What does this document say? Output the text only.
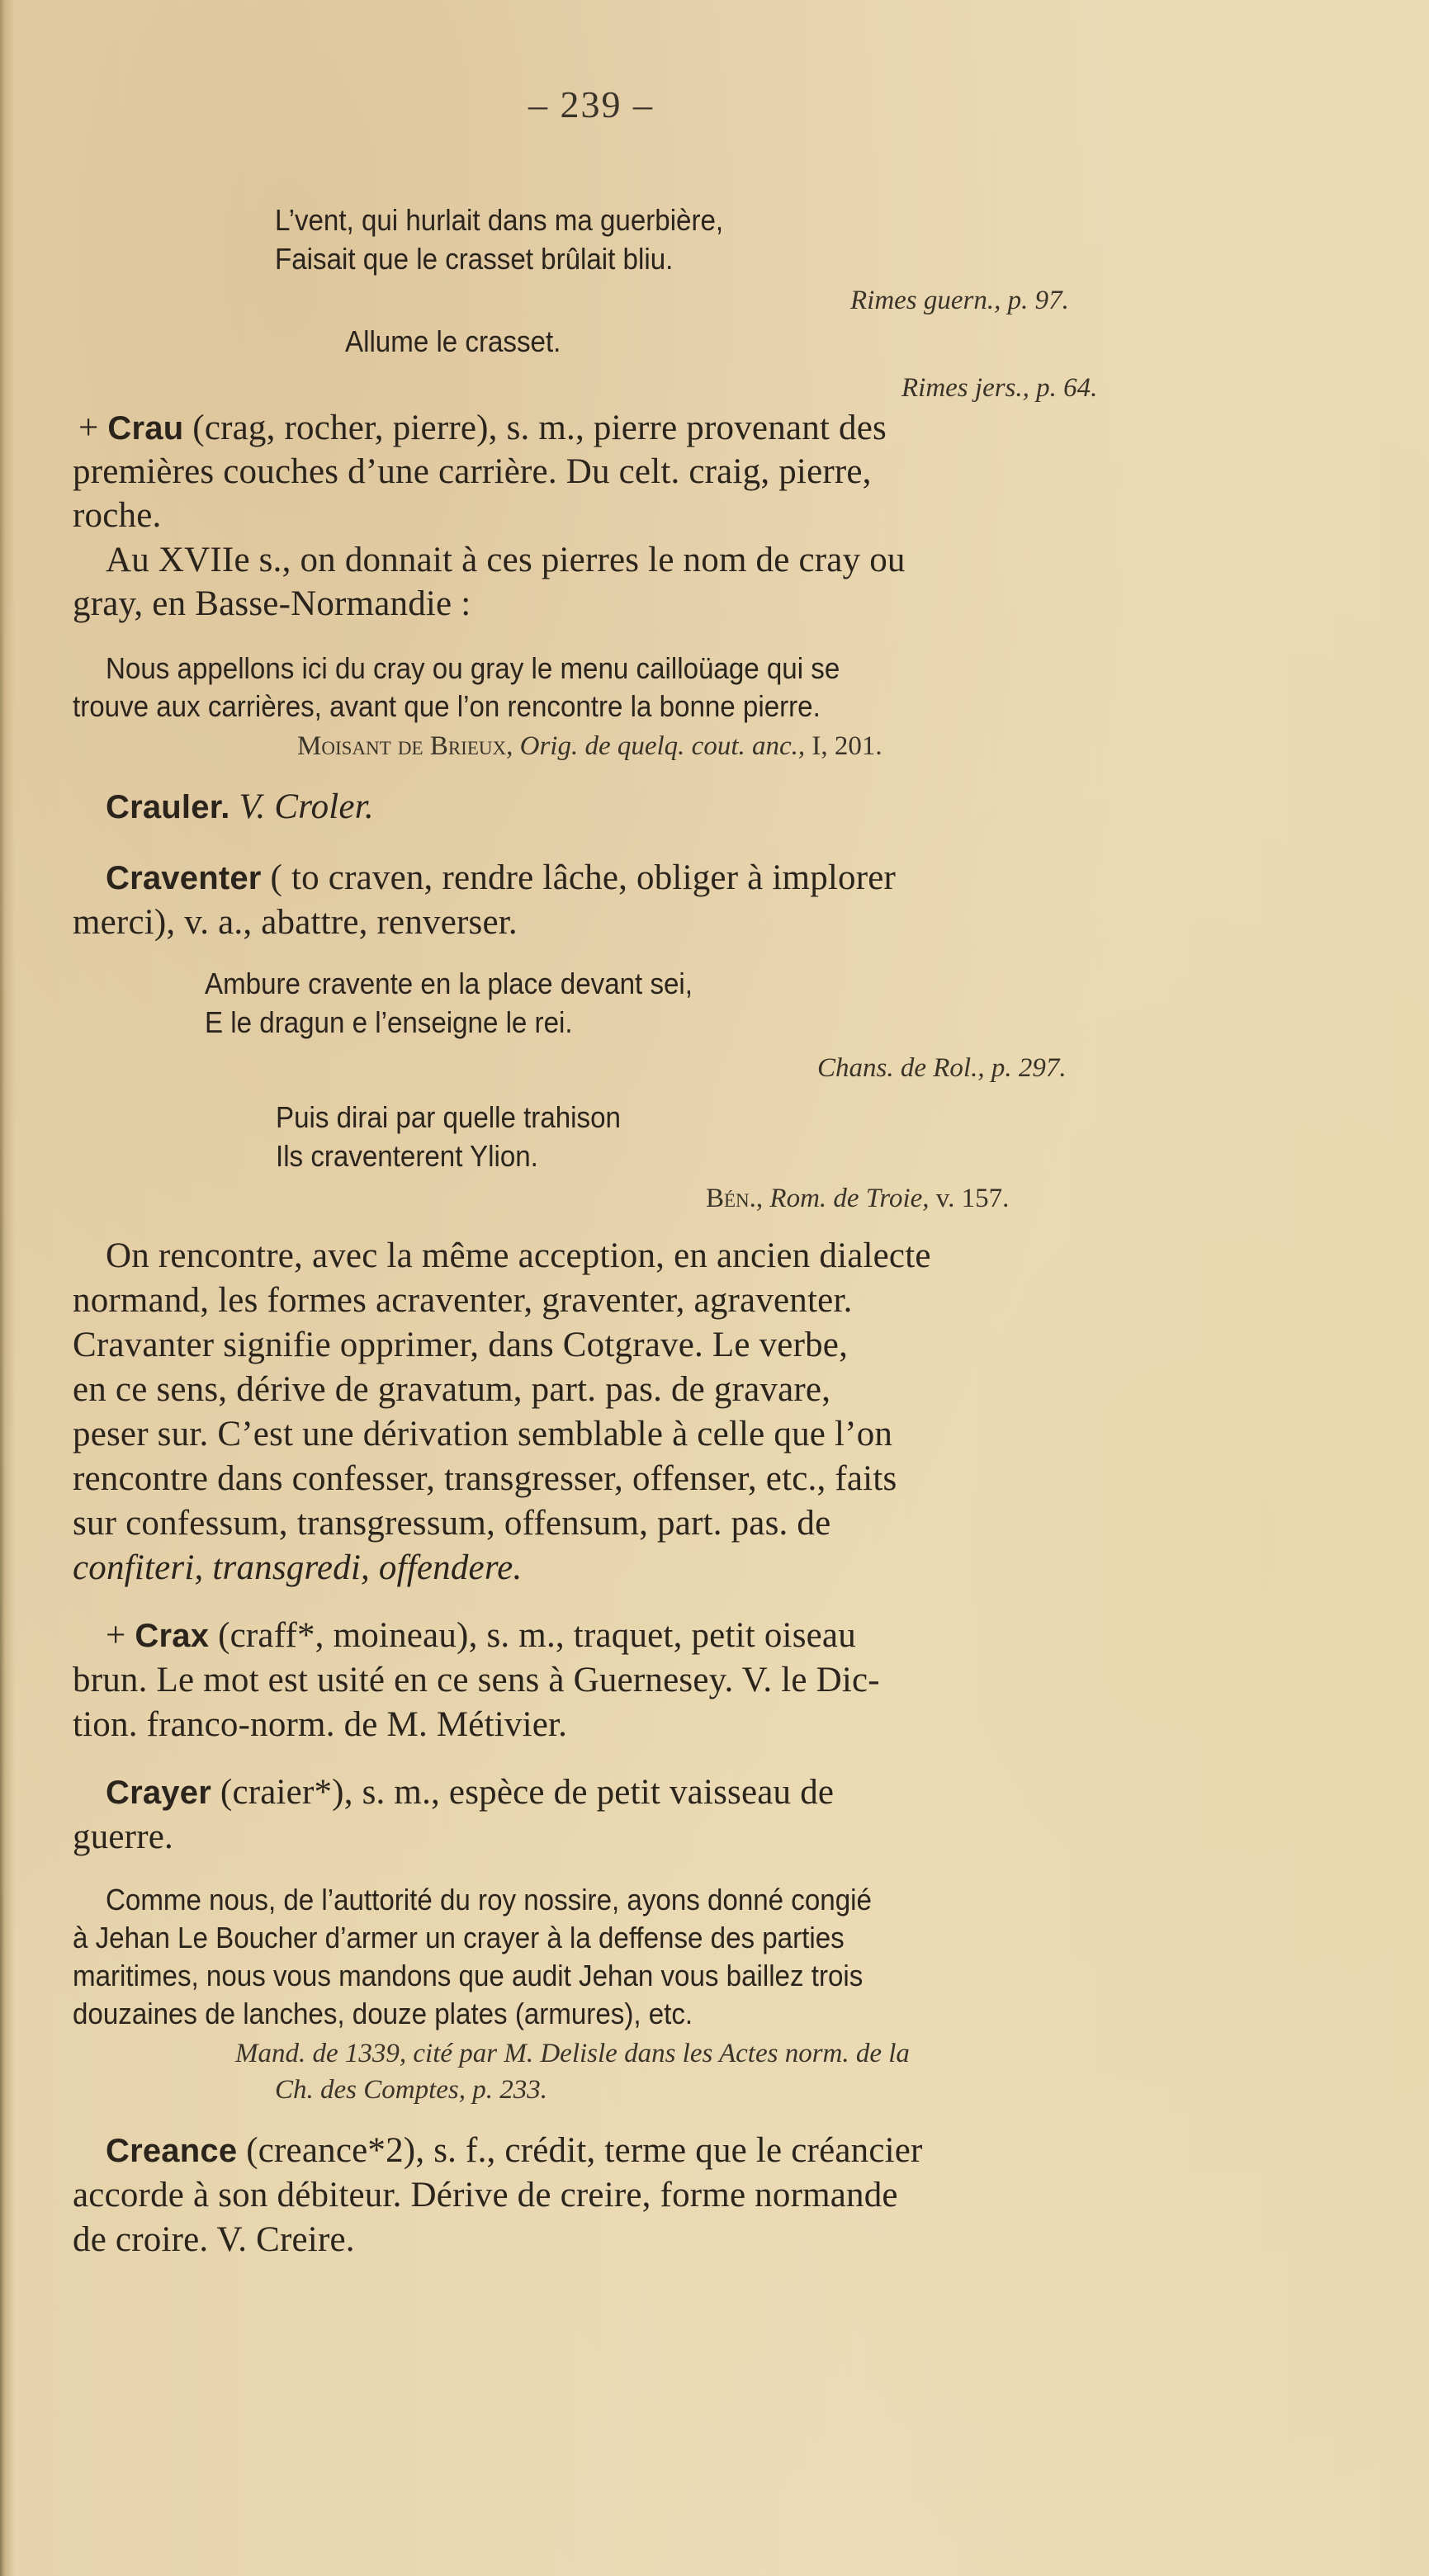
– 239 –
L’vent, qui hurlait dans ma guerbière,
Faisait que le crasset brûlait bliu.
Rimes guern., p. 97.
Allume le crasset.
Rimes jers., p. 64.
+ Crau (crag, rocher, pierre), s. m., pierre provenant des
premières couches d’une carrière. Du celt. craig, pierre,
roche.
Au XVIIe s., on donnait à ces pierres le nom de cray ou
gray, en Basse-Normandie :
Nous appellons ici du cray ou gray le menu cailloüage qui se
trouve aux carrières, avant que l’on rencontre la bonne pierre.
Moisant de Brieux, Orig. de quelq. cout. anc., I, 201.
Crauler. V. Croler.
Craventer ( to craven, rendre lâche, obliger à implorer
merci), v. a., abattre, renverser.
Ambure cravente en la place devant sei,
E le dragun e l’enseigne le rei.
Chans. de Rol., p. 297.
Puis dirai par quelle trahison
Ils craventerent Ylion.
Bén., Rom. de Troie, v. 157.
On rencontre, avec la même acception, en ancien dialecte
normand, les formes acraventer, graventer, agraventer.
Cravanter signifie opprimer, dans Cotgrave. Le verbe,
en ce sens, dérive de gravatum, part. pas. de gravare,
peser sur. C’est une dérivation semblable à celle que l’on
rencontre dans confesser, transgresser, offenser, etc., faits
sur confessum, transgressum, offensum, part. pas. de
confiteri, transgredi, offendere.
+ Crax (craff*, moineau), s. m., traquet, petit oiseau
brun. Le mot est usité en ce sens à Guernesey. V. le Dic-
tion. franco-norm. de M. Métivier.
Crayer (craier*), s. m., espèce de petit vaisseau de
guerre.
Comme nous, de l’auttorité du roy nossire, ayons donné congié
à Jehan Le Boucher d’armer un crayer à la deffense des parties
maritimes, nous vous mandons que audit Jehan vous baillez trois
douzaines de lanches, douze plates (armures), etc.
Mand. de 1339, cité par M. Delisle dans les Actes norm. de la
Ch. des Comptes, p. 233.
Creance (creance*2), s. f., crédit, terme que le créancier
accorde à son débiteur. Dérive de creire, forme normande
de croire. V. Creire.
